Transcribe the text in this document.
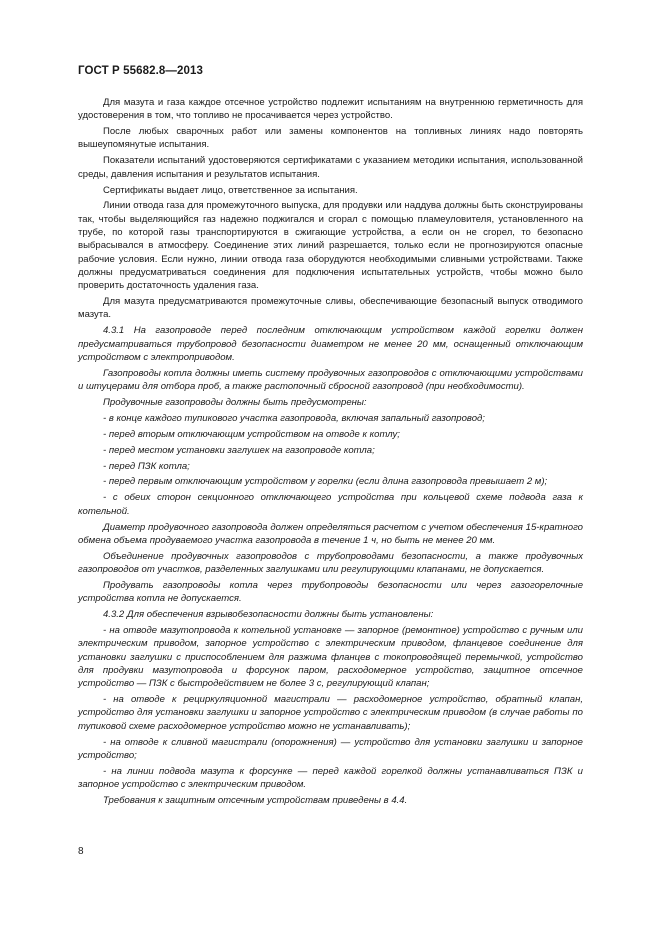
ГОСТ Р 55682.8—2013

Для мазута и газа каждое отсечное устройство подлежит испытаниям на внутреннюю герметичность для удостоверения в том, что топливо не просачивается через устройство.

После любых сварочных работ или замены компонентов на топливных линиях надо повторять вышеупомянутые испытания.

Показатели испытаний удостоверяются сертификатами с указанием методики испытания, использованной среды, давления испытания и результатов испытания.

Сертификаты выдает лицо, ответственное за испытания.

Линии отвода газа для промежуточного выпуска, для продувки или наддува должны быть сконструированы так, чтобы выделяющийся газ надежно поджигался и сгорал с помощью пламеуловителя, установленного на трубе, по которой газы транспортируются в сжигающие устройства, а если он не сгорел, то безопасно выбрасывался в атмосферу. Соединение этих линий разрешается, только если не прогнозируются опасные рабочие условия. Если нужно, линии отвода газа оборудуются необходимыми сливными устройствами. Также должны предусматриваться соединения для подключения испытательных устройств, чтобы можно было проверить достаточность удаления газа.

Для мазута предусматриваются промежуточные сливы, обеспечивающие безопасный выпуск отводимого мазута.

4.3.1 На газопроводе перед последним отключающим устройством каждой горелки должен предусматриваться трубопровод безопасности диаметром не менее 20 мм, оснащенный отключающим устройством с электроприводом.

Газопроводы котла должны иметь систему продувочных газопроводов с отключающими устройствами и штуцерами для отбора проб, а также растопочный сбросной газопровод (при необходимости).

Продувочные газопроводы должны быть предусмотрены:

- в конце каждого тупикового участка газопровода, включая запальный газопровод;

- перед вторым отключающим устройством на отводе к котлу;

- перед местом установки заглушек на газопроводе котла;

- перед ПЗК котла;

- перед первым отключающим устройством у горелки (если длина газопровода превышает 2 м);

- с обеих сторон секционного отключающего устройства при кольцевой схеме подвода газа к котельной.

Диаметр продувочного газопровода должен определяться расчетом с учетом обеспечения 15-кратного обмена объема продуваемого участка газопровода в течение 1 ч, но быть не менее 20 мм.

Объединение продувочных газопроводов с трубопроводами безопасности, а также продувочных газопроводов от участков, разделенных заглушками или регулирующими клапанами, не допускается.

Продувать газопроводы котла через трубопроводы безопасности или через газогорелочные устройства котла не допускается.

4.3.2 Для обеспечения взрывобезопасности должны быть установлены:

- на отводе мазутопровода к котельной установке — запорное (ремонтное) устройство с ручным или электрическим приводом, запорное устройство с электрическим приводом, фланцевое соединение для установки заглушки с приспособлением для разжима фланцев с токопроводящей перемычкой, устройство для продувки мазутопровода и форсунок паром, расходомерное устройство, защитное отсечное устройство — ПЗК с быстродействием не более 3 с, регулирующий клапан;

- на отводе к рециркуляционной магистрали — расходомерное устройство, обратный клапан, устройство для установки заглушки и запорное устройство с электрическим приводом (в случае работы по тупиковой схеме расходомерное устройство можно не устанавливать);

- на отводе к сливной магистрали (опорожнения) — устройство для установки заглушки и запорное устройство;

- на линии подвода мазута к форсунке — перед каждой горелкой должны устанавливаться ПЗК и запорное устройство с электрическим приводом.

Требования к защитным отсечным устройствам приведены в 4.4.

8
